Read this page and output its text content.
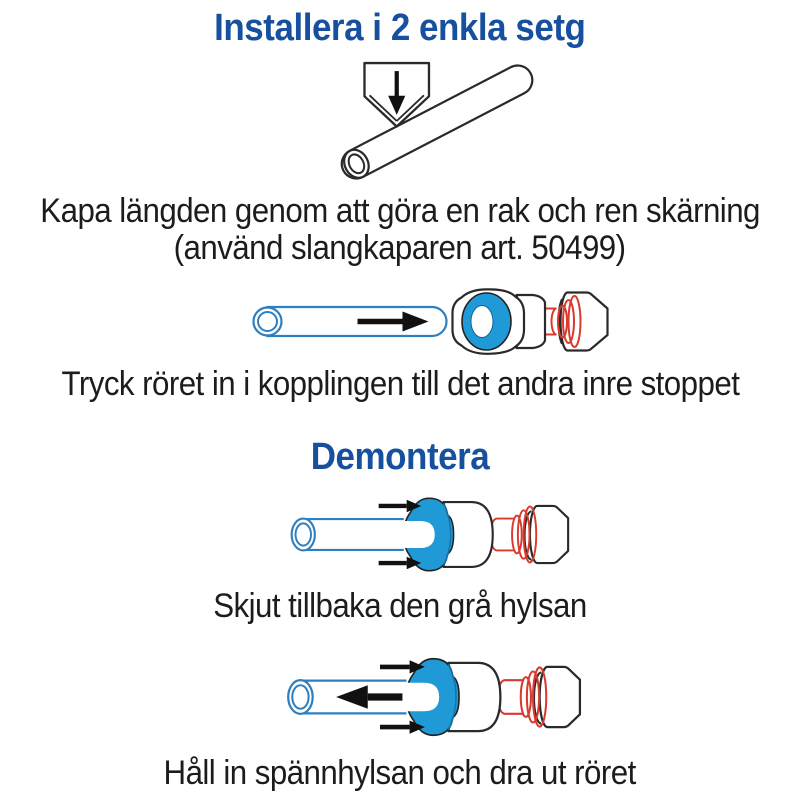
Installera i 2 enkla setg
Kapa längden genom att göra en rak och ren skärning
(använd slangkaparen art. 50499)
Tryck röret in i kopplingen till det andra inre stoppet
Demontera
Skjut tillbaka den grå hylsan
Håll in spännhylsan och dra ut röret
